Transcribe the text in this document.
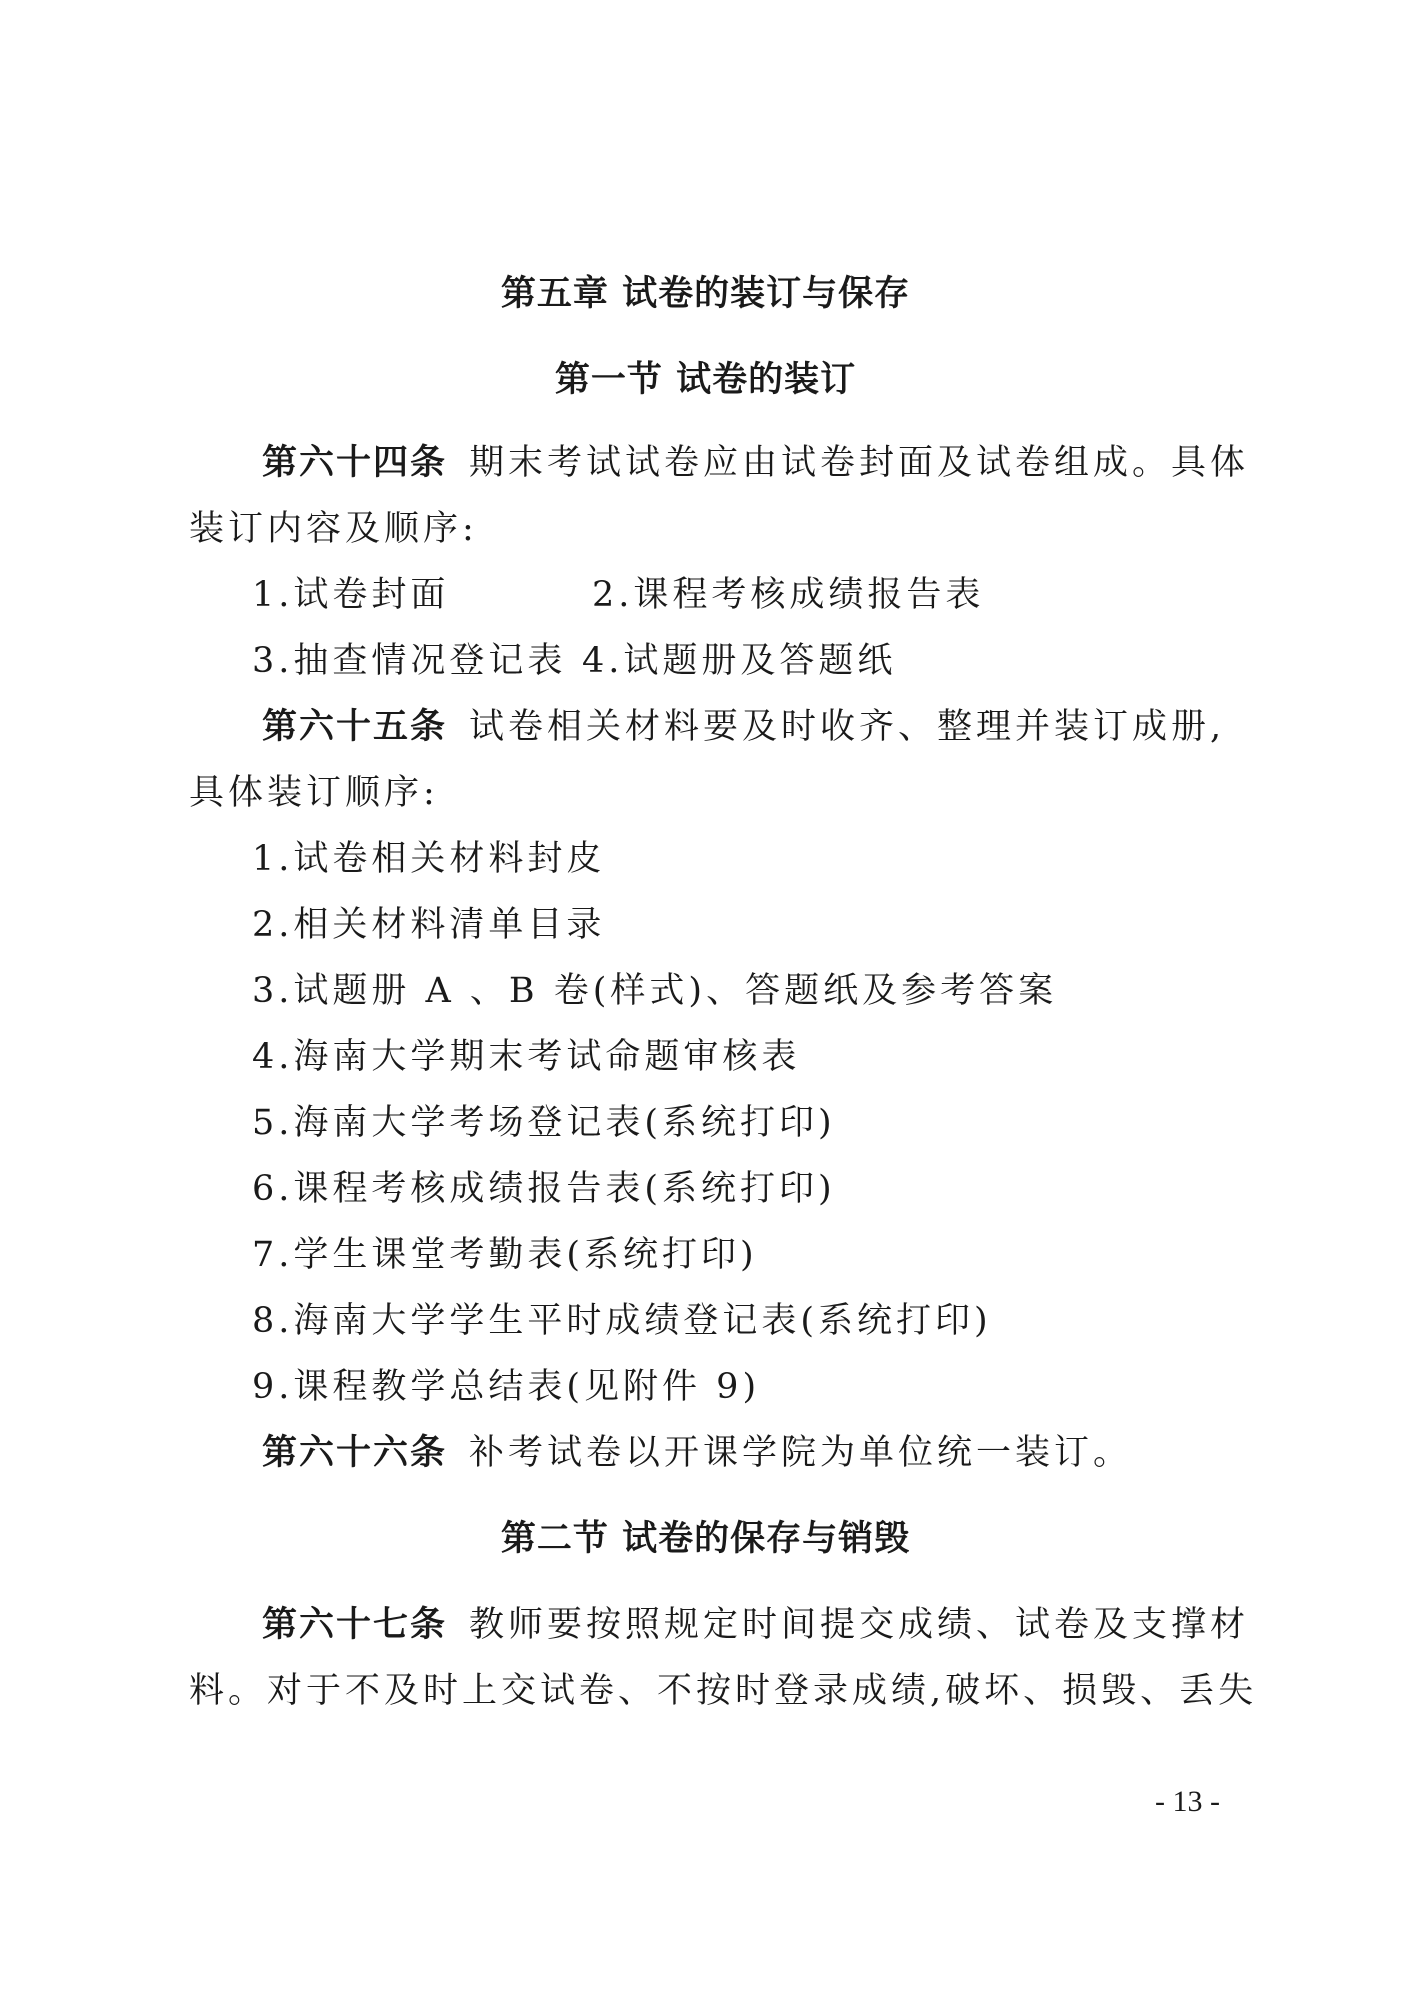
第五章 试卷的装订与保存
第一节 试卷的装订
第六十四条 期末考试试卷应由试卷封面及试卷组成。具体
装订内容及顺序:
1.试卷封面	2.课程考核成绩报告表
3.抽查情况登记表 4.试题册及答题纸
第六十五条 试卷相关材料要及时收齐、整理并装订成册,
具体装订顺序:
1.试卷相关材料封皮
2.相关材料清单目录
3.试题册 A 、B 卷(样式)、答题纸及参考答案
4.海南大学期末考试命题审核表
5.海南大学考场登记表(系统打印)
6.课程考核成绩报告表(系统打印)
7.学生课堂考勤表(系统打印)
8.海南大学学生平时成绩登记表(系统打印)
9.课程教学总结表(见附件 9)
第六十六条 补考试卷以开课学院为单位统一装订。
第二节 试卷的保存与销毁
第六十七条 教师要按照规定时间提交成绩、试卷及支撑材
料。对于不及时上交试卷、不按时登录成绩,破坏、损毁、丢失
- 13 -
